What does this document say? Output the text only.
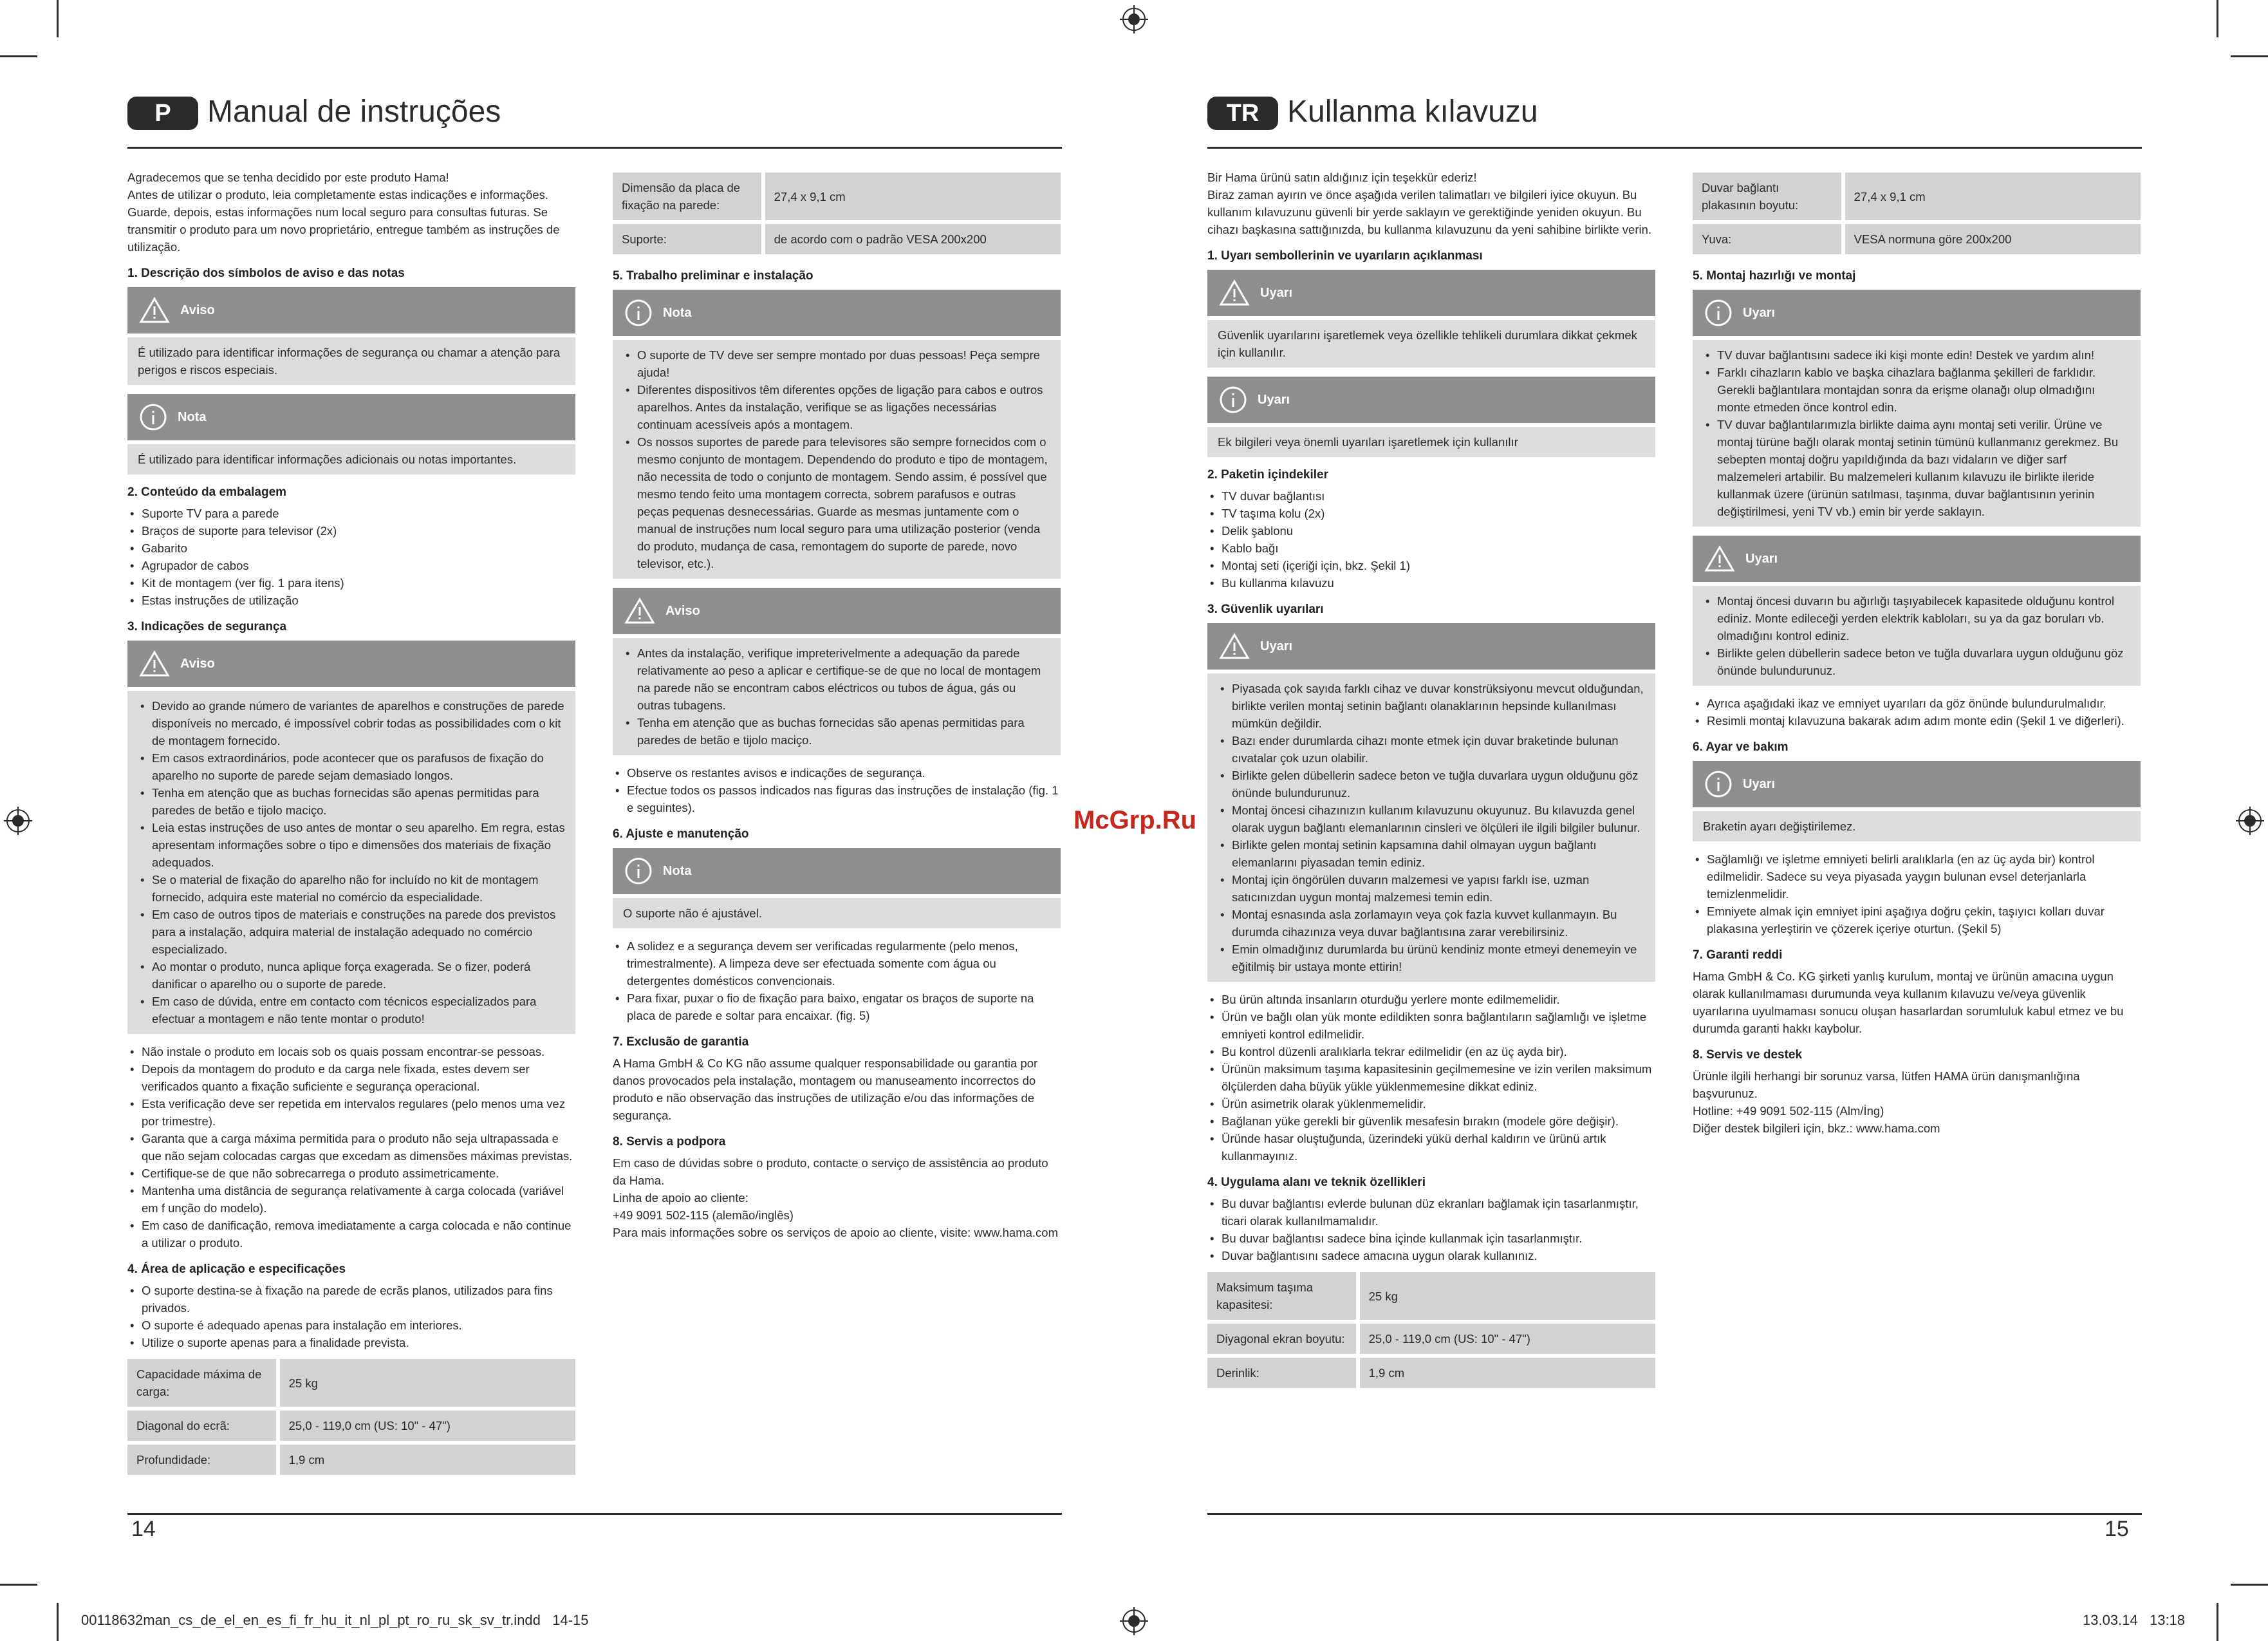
P	Manual de instruções

Agradecemos que se tenha decidido por este produto Hama!
Antes de utilizar o produto, leia completamente estas indicações e informações. Guarde, depois, estas informações num local seguro para consultas futuras. Se transmitir o produto para um novo proprietário, entregue também as instruções de utilização.

1. Descrição dos símbolos de aviso e das notas
Aviso

É utilizado para identificar informações de segurança ou chamar a atenção para perigos e riscos especiais.

Nota

É utilizado para identificar informações adicionais ou notas importantes.

2. Conteúdo da embalagem
• Suporte TV para a parede
• Braços de suporte para televisor (2x)
• Gabarito
• Agrupador de cabos
• Kit de montagem (ver fig. 1 para itens)
• Estas instruções de utilização
3. Indicações de segurança
Aviso
• Devido ao grande número de variantes de aparelhos e construções de parede disponíveis no mercado, é impossível cobrir todas as possibilidades com o kit de montagem fornecido.
• Em casos extraordinários, pode acontecer que os parafusos de fixação do aparelho no suporte de parede sejam demasiado longos.
• Tenha em atenção que as buchas fornecidas são apenas permitidas para paredes de betão e tijolo maciço.
• Leia estas instruções de uso antes de montar o seu aparelho. Em regra, estas apresentam informações sobre o tipo e dimensões dos materiais de fixação adequados.
• Se o material de fixação do aparelho não for incluído no kit de montagem fornecido, adquira este material no comércio da especialidade.
• Em caso de outros tipos de materiais e construções na parede dos previstos para a instalação, adquira material de instalação adequado no comércio especializado.
• Ao montar o produto, nunca aplique força exagerada. Se o fizer, poderá danificar o aparelho ou o suporte de parede.
• Em caso de dúvida, entre em contacto com técnicos especializados para efectuar a montagem e não tente montar o produto!
• Não instale o produto em locais sob os quais possam encontrar-se pessoas.
• Depois da montagem do produto e da carga nele fixada, estes devem ser verificados quanto a fixação suficiente e segurança operacional.
• Esta verificação deve ser repetida em intervalos regulares (pelo menos uma vez por trimestre).
• Garanta que a carga máxima permitida para o produto não seja ultrapassada e que não sejam colocadas cargas que excedam as dimensões máximas previstas.
• Certifique-se de que não sobrecarrega o produto assimetricamente.
• Mantenha uma distância de segurança relativamente à carga colocada (variável em f unção do modelo).
• Em caso de danificação, remova imediatamente a carga colocada e não continue a utilizar o produto.
4. Área de aplicação e especificações
• O suporte destina-se à fixação na parede de ecrãs planos, utilizados para fins privados.
• O suporte é adequado apenas para instalação em interiores.
• Utilize o suporte apenas para a finalidade prevista.
Capacidade máxima de carga:	25 kg
Diagonal do ecrã:	25,0 - 119,0 cm (US: 10" - 47")
Profundidade:	1,9 cm
Dimensão da placa de fixação na parede:	27,4 x 9,1 cm
Suporte:	de acordo com o padrão VESA 200x200
5. Trabalho preliminar e instalação
Nota
• O suporte de TV deve ser sempre montado por duas pessoas! Peça sempre ajuda!
• Diferentes dispositivos têm diferentes opções de ligação para cabos e outros aparelhos. Antes da instalação, verifique se as ligações necessárias continuam acessíveis após a montagem.
• Os nossos suportes de parede para televisores são sempre fornecidos com o mesmo conjunto de montagem. Dependendo do produto e tipo de montagem, não necessita de todo o conjunto de montagem. Sendo assim, é possível que mesmo tendo feito uma montagem correcta, sobrem parafusos e outras peças pequenas desnecessárias. Guarde as mesmas juntamente com o manual de instruções num local seguro para uma utilização posterior (venda do produto, mudança de casa, remontagem do suporte de parede, novo televisor, etc.).
Aviso
• Antes da instalação, verifique impreterivelmente a adequação da parede relativamente ao peso a aplicar e certifique-se de que no local de montagem na parede não se encontram cabos eléctricos ou tubos de água, gás ou outras tubagens.
• Tenha em atenção que as buchas fornecidas são apenas permitidas para paredes de betão e tijolo maciço.
• Observe os restantes avisos e indicações de segurança.
• Efectue todos os passos indicados nas figuras das instruções de instalação (fig. 1 e seguintes).
6. Ajuste e manutenção
Nota

O suporte não é ajustável.

• A solidez e a segurança devem ser verificadas regularmente (pelo menos, trimestralmente). A limpeza deve ser efectuada somente com água ou detergentes domésticos convencionais.
• Para fixar, puxar o fio de fixação para baixo, engatar os braços de suporte na placa de parede e soltar para encaixar. (fig. 5)
7. Exclusão de garantia

A Hama GmbH & Co KG não assume qualquer responsabilidade ou garantia por danos provocados pela instalação, montagem ou manuseamento incorrectos do produto e não observação das instruções de utilização e/ou das informações de segurança.

8. Servis a podpora

Em caso de dúvidas sobre o produto, contacte o serviço de assistência ao produto da Hama.
Linha de apoio ao cliente:
+49 9091 502-115 (alemão/inglês)
Para mais informações sobre os serviços de apoio ao cliente, visite: www.hama.com

14
McGrp.Ru
TR Kullanma kılavuzu

Bir Hama ürünü satın aldığınız için teşekkür ederiz!
Biraz zaman ayırın ve önce aşağıda verilen talimatları ve bilgileri iyice okuyun. Bu kullanım kılavuzunu güvenli bir yerde saklayın ve gerektiğinde yeniden okuyun. Bu cihazı başkasına sattığınızda, bu kullanma kılavuzunu da yeni sahibine birlikte verin.

1. Uyarı sembollerinin ve uyarıların açıklanması
Uyarı

Güvenlik uyarılarını işaretlemek veya özellikle tehlikeli durumlara dikkat çekmek için kullanılır.

Uyarı

Ek bilgileri veya önemli uyarıları işaretlemek için kullanılır

2. Paketin içindekiler
• TV duvar bağlantısı
• TV taşıma kolu (2x)
• Delik şablonu
• Kablo bağı
• Montaj seti (içeriği için, bkz. Şekil 1)
• Bu kullanma kılavuzu
3. Güvenlik uyarıları
Uyarı
• Piyasada çok sayıda farklı cihaz ve duvar konstrüksiyonu mevcut olduğundan, birlikte verilen montaj setinin bağlantı olanaklarının hepsinde kullanılması mümkün değildir.
• Bazı ender durumlarda cihazı monte etmek için duvar braketinde bulunan cıvatalar çok uzun olabilir.
• Birlikte gelen dübellerin sadece beton ve tuğla duvarlara uygun olduğunu göz önünde bulundurunuz.
• Montaj öncesi cihazınızın kullanım kılavuzunu okuyunuz. Bu kılavuzda genel olarak uygun bağlantı elemanlarının cinsleri ve ölçüleri ile ilgili bilgiler bulunur.
• Birlikte gelen montaj setinin kapsamına dahil olmayan uygun bağlantı elemanlarını piyasadan temin ediniz.
• Montaj için öngörülen duvarın malzemesi ve yapısı farklı ise, uzman satıcınızdan uygun montaj malzemesi temin edin.
• Montaj esnasında asla zorlamayın veya çok fazla kuvvet kullanmayın. Bu durumda cihazınıza veya duvar bağlantısına zarar verebilirsiniz.
• Emin olmadığınız durumlarda bu ürünü kendiniz monte etmeyi denemeyin ve eğitilmiş bir ustaya monte ettirin!
• Bu ürün altında insanların oturduğu yerlere monte edilmemelidir.
• Ürün ve bağlı olan yük monte edildikten sonra bağlantıların sağlamlığı ve işletme emniyeti kontrol edilmelidir.
• Bu kontrol düzenli aralıklarla tekrar edilmelidir (en az üç ayda bir).
• Ürünün maksimum taşıma kapasitesinin geçilmemesine ve izin verilen maksimum ölçülerden daha büyük yükle yüklenmemesine dikkat ediniz.
• Ürün asimetrik olarak yüklenmemelidir.
• Bağlanan yüke gerekli bir güvenlik mesafesin bırakın (modele göre değişir).
• Üründe hasar oluştuğunda, üzerindeki yükü derhal kaldırın ve ürünü artık kullanmayınız.
4. Uygulama alanı ve teknik özellikleri
• Bu duvar bağlantısı evlerde bulunan düz ekranları bağlamak için tasarlanmıştır, ticari olarak kullanılmamalıdır.
• Bu duvar bağlantısı sadece bina içinde kullanmak için tasarlanmıştır.
• Duvar bağlantısını sadece amacına uygun olarak kullanınız.
Maksimum taşıma kapasitesi:	25 kg
Diyagonal ekran boyutu:	25,0 - 119,0 cm (US: 10" - 47")
Derinlik:	1,9 cm
Duvar bağlantı plakasının boyutu:	27,4 x 9,1 cm
Yuva:	VESA normuna göre 200x200
5. Montaj hazırlığı ve montaj
Uyarı
• TV duvar bağlantısını sadece iki kişi monte edin! Destek ve yardım alın!
• Farklı cihazların kablo ve başka cihazlara bağlanma şekilleri de farklıdır. Gerekli bağlantılara montajdan sonra da erişme olanağı olup olmadığını monte etmeden önce kontrol edin.
• TV duvar bağlantılarımızla birlikte daima aynı montaj seti verilir. Ürüne ve montaj türüne bağlı olarak montaj setinin tümünü kullanmanız gerekmez. Bu sebepten montaj doğru yapıldığında da bazı vidaların ve diğer sarf malzemeleri artabilir. Bu malzemeleri kullanım kılavuzu ile birlikte ileride kullanmak üzere (ürünün satılması, taşınma, duvar bağlantısının yerinin değiştirilmesi, yeni TV vb.) emin bir yerde saklayın.
Uyarı
• Montaj öncesi duvarın bu ağırlığı taşıyabilecek kapasitede olduğunu kontrol ediniz. Monte edileceği yerden elektrik kabloları, su ya da gaz boruları vb. olmadığını kontrol ediniz.
• Birlikte gelen dübellerin sadece beton ve tuğla duvarlara uygun olduğunu göz önünde bulundurunuz.
• Ayrıca aşağıdaki ikaz ve emniyet uyarıları da göz önünde bulundurulmalıdır.
• Resimli montaj kılavuzuna bakarak adım adım monte edin (Şekil 1 ve diğerleri).
6. Ayar ve bakım
Uyarı

Braketin ayarı değiştirilemez.

• Sağlamlığı ve işletme emniyeti belirli aralıklarla (en az üç ayda bir) kontrol edilmelidir. Sadece su veya piyasada yaygın bulunan evsel deterjanlarla temizlenmelidir.
• Emniyete almak için emniyet ipini aşağıya doğru çekin, taşıyıcı kolları duvar plakasına yerleştirin ve çözerek içeriye oturtun. (Şekil 5)
7. Garanti reddi

Hama GmbH & Co. KG şirketi yanlış kurulum, montaj ve ürünün amacına uygun olarak kullanılmaması durumunda veya kullanım kılavuzu ve/veya güvenlik uyarılarına uyulmaması sonucu oluşan hasarlardan sorumluluk kabul etmez ve bu durumda garanti hakkı kaybolur.

8. Servis ve destek

Ürünle ilgili herhangi bir sorunuz varsa, lütfen HAMA ürün danışmanlığına başvurunuz.
Hotline: +49 9091 502-115 (Alm/İng)
Diğer destek bilgileri için, bkz.: www.hama.com

15
00118632man_cs_de_el_en_es_fi_fr_hu_it_nl_pl_pt_ro_ru_sk_sv_tr.indd   14-15	13.03.14   13:18
